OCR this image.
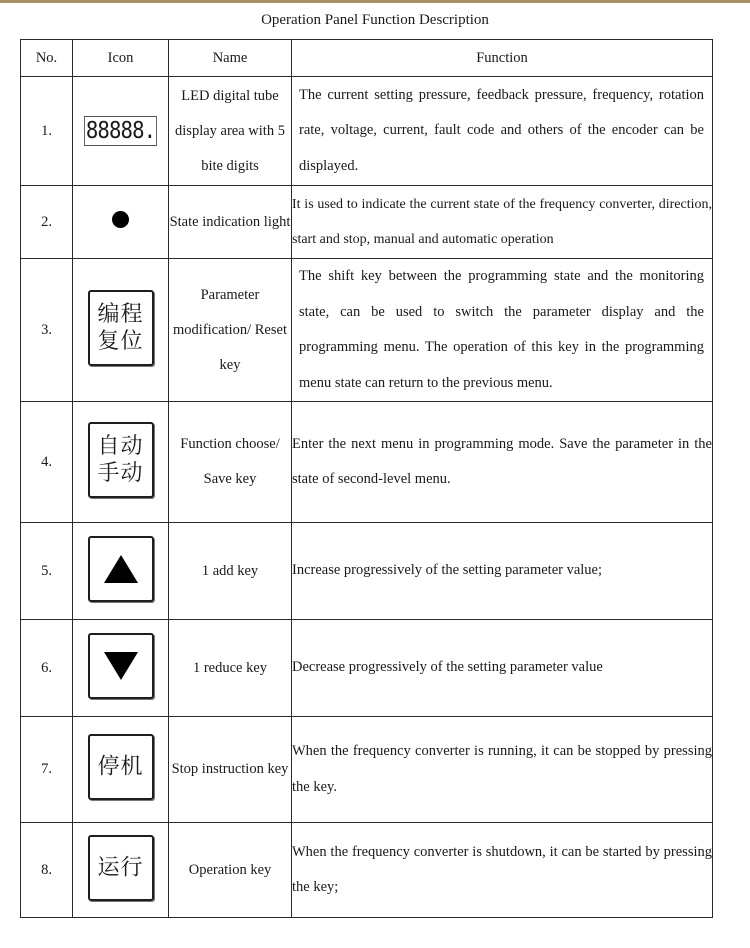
Operation Panel Function Description
No.	Icon	Name	Function
1.	88888.	LED digital tube display area with 5 bite digits	The current setting pressure, feedback pressure, frequency, rotation rate, voltage, current, fault code and others of the encoder can be displayed.

2.		State indication light	It is used to indicate the current state of the frequency converter, direction, start and stop, manual and automatic operation

3.	编程
复位	Parameter modification/ Reset key	The shift key between the programming state and the monitoring state, can be used to switch the parameter display and the programming menu. The operation of this key in the programming menu state can return to the previous menu.

4.	自动
手动	Function choose/ Save key	Enter the next menu in programming mode. Save the parameter in the state of second-level menu.

5.		1 add key	Increase progressively of the setting parameter value;

6.		1 reduce key	Decrease progressively of the setting parameter value

7.	停机	Stop instruction key	When the frequency converter is running, it can be stopped by pressing the key.

8.	运行	Operation key	When the frequency converter is shutdown, it can be started by pressing the key;
